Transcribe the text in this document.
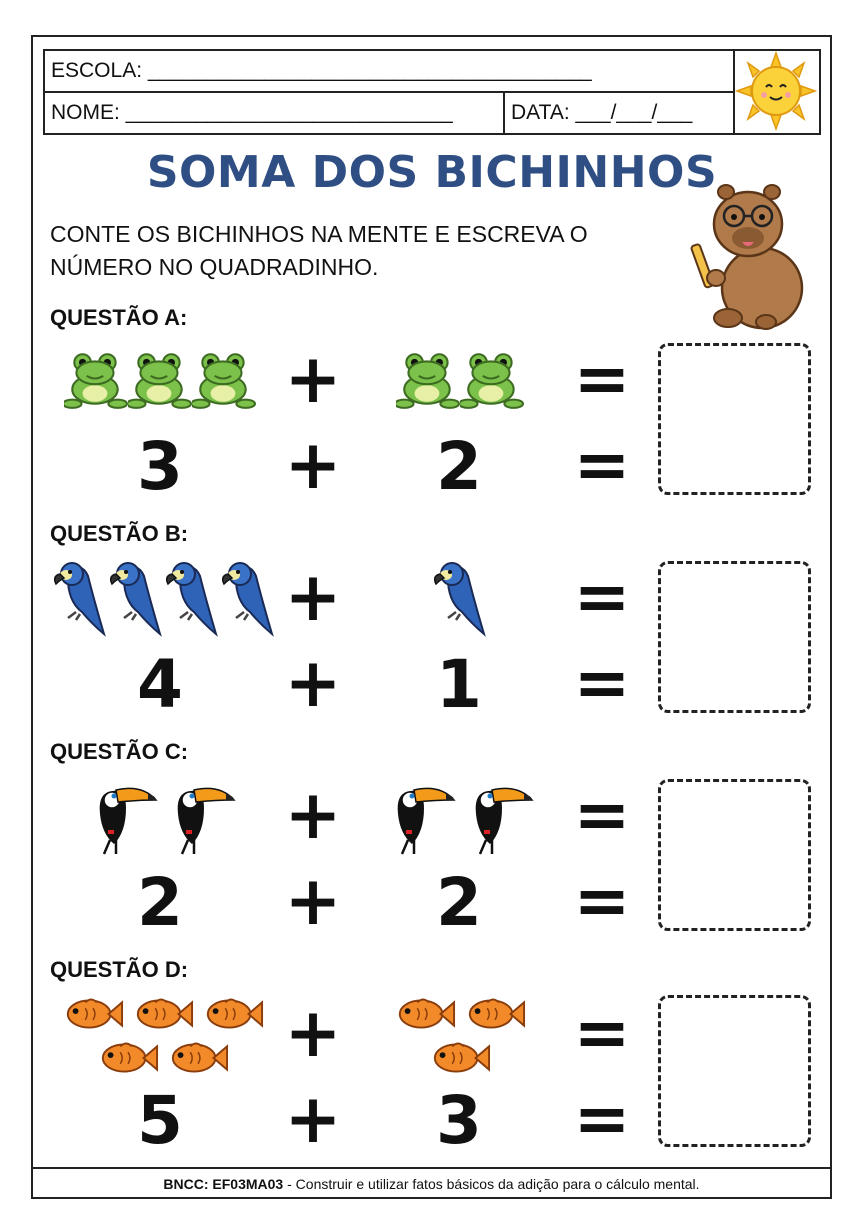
ESCOLA: ______________________________________
NOME: ____________________________	DATA: ___/___/___
SOMA DOS BICHINHOS
CONTE OS BICHINHOS NA MENTE E ESCREVA O NÚMERO NO QUADRADINHO.
QUESTÃO A:
+	=
3 + 2 =
QUESTÃO B:
+	=
4 + 1 =
QUESTÃO C:
+	=
2 + 2 =
QUESTÃO D:
+	=
5 + 3 =
BNCC: EF03MA03 - Construir e utilizar fatos básicos da adição para o cálculo mental.
